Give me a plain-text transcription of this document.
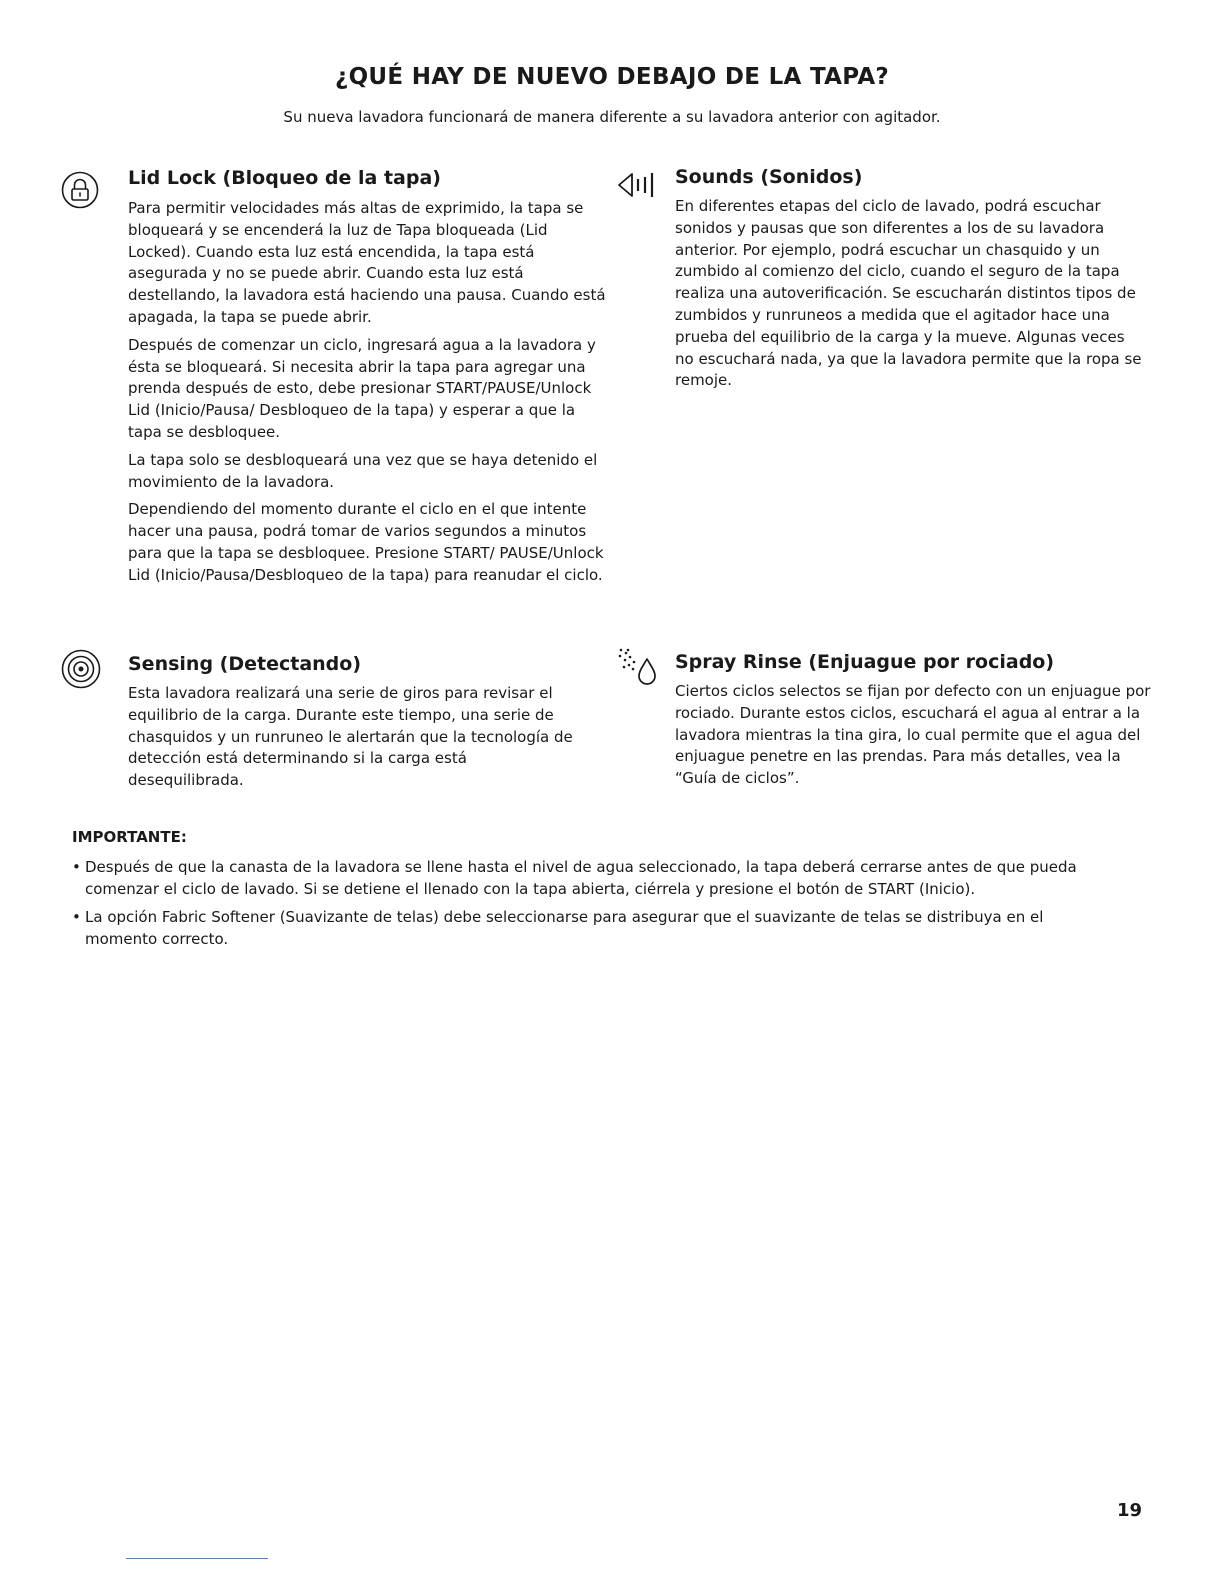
¿QUÉ HAY DE NUEVO DEBAJO DE LA TAPA?

Su nueva lavadora funcionará de manera diferente a su lavadora anterior con agitador.

Lid Lock (Bloqueo de la tapa)

Para permitir velocidades más altas de exprimido, la tapa se bloqueará y se encenderá la luz de Tapa bloqueada (Lid Locked). Cuando esta luz está encendida, la tapa está asegurada y no se puede abrir. Cuando esta luz está destellando, la lavadora está haciendo una pausa. Cuando está apagada, la tapa se puede abrir.

Después de comenzar un ciclo, ingresará agua a la lavadora y ésta se bloqueará. Si necesita abrir la tapa para agregar una prenda después de esto, debe presionar START/PAUSE/Unlock Lid (Inicio/Pausa/ Desbloqueo de la tapa) y esperar a que la tapa se desbloquee.

La tapa solo se desbloqueará una vez que se haya detenido el movimiento de la lavadora.

Dependiendo del momento durante el ciclo en el que intente hacer una pausa, podrá tomar de varios segundos a minutos para que la tapa se desbloquee. Presione START/ PAUSE/Unlock Lid (Inicio/Pausa/Desbloqueo de la tapa) para reanudar el ciclo.

Sounds (Sonidos)

En diferentes etapas del ciclo de lavado, podrá escuchar sonidos y pausas que son diferentes a los de su lavadora anterior. Por ejemplo, podrá escuchar un chasquido y un zumbido al comienzo del ciclo, cuando el seguro de la tapa realiza una autoverificación. Se escucharán distintos tipos de zumbidos y runruneos a medida que el agitador hace una prueba del equilibrio de la carga y la mueve. Algunas veces no escuchará nada, ya que la lavadora permite que la ropa se remoje.

Sensing (Detectando)

Esta lavadora realizará una serie de giros para revisar el equilibrio de la carga. Durante este tiempo, una serie de chasquidos y un runruneo le alertarán que la tecnología de detección está determinando si la carga está desequilibrada.

Spray Rinse (Enjuague por rociado)

Ciertos ciclos selectos se fijan por defecto con un enjuague por rociado. Durante estos ciclos, escuchará el agua al entrar a la lavadora mientras la tina gira, lo cual permite que el agua del enjuague penetre en las prendas. Para más detalles, vea la “Guía de ciclos”.

IMPORTANTE:
• Después de que la canasta de la lavadora se llene hasta el nivel de agua seleccionado, la tapa deberá cerrarse antes de que pueda comenzar el ciclo de lavado. Si se detiene el llenado con la tapa abierta, ciérrela y presione el botón de START (Inicio).
• La opción Fabric Softener (Suavizante de telas) debe seleccionarse para asegurar que el suavizante de telas se distribuya en el momento correcto.

19
